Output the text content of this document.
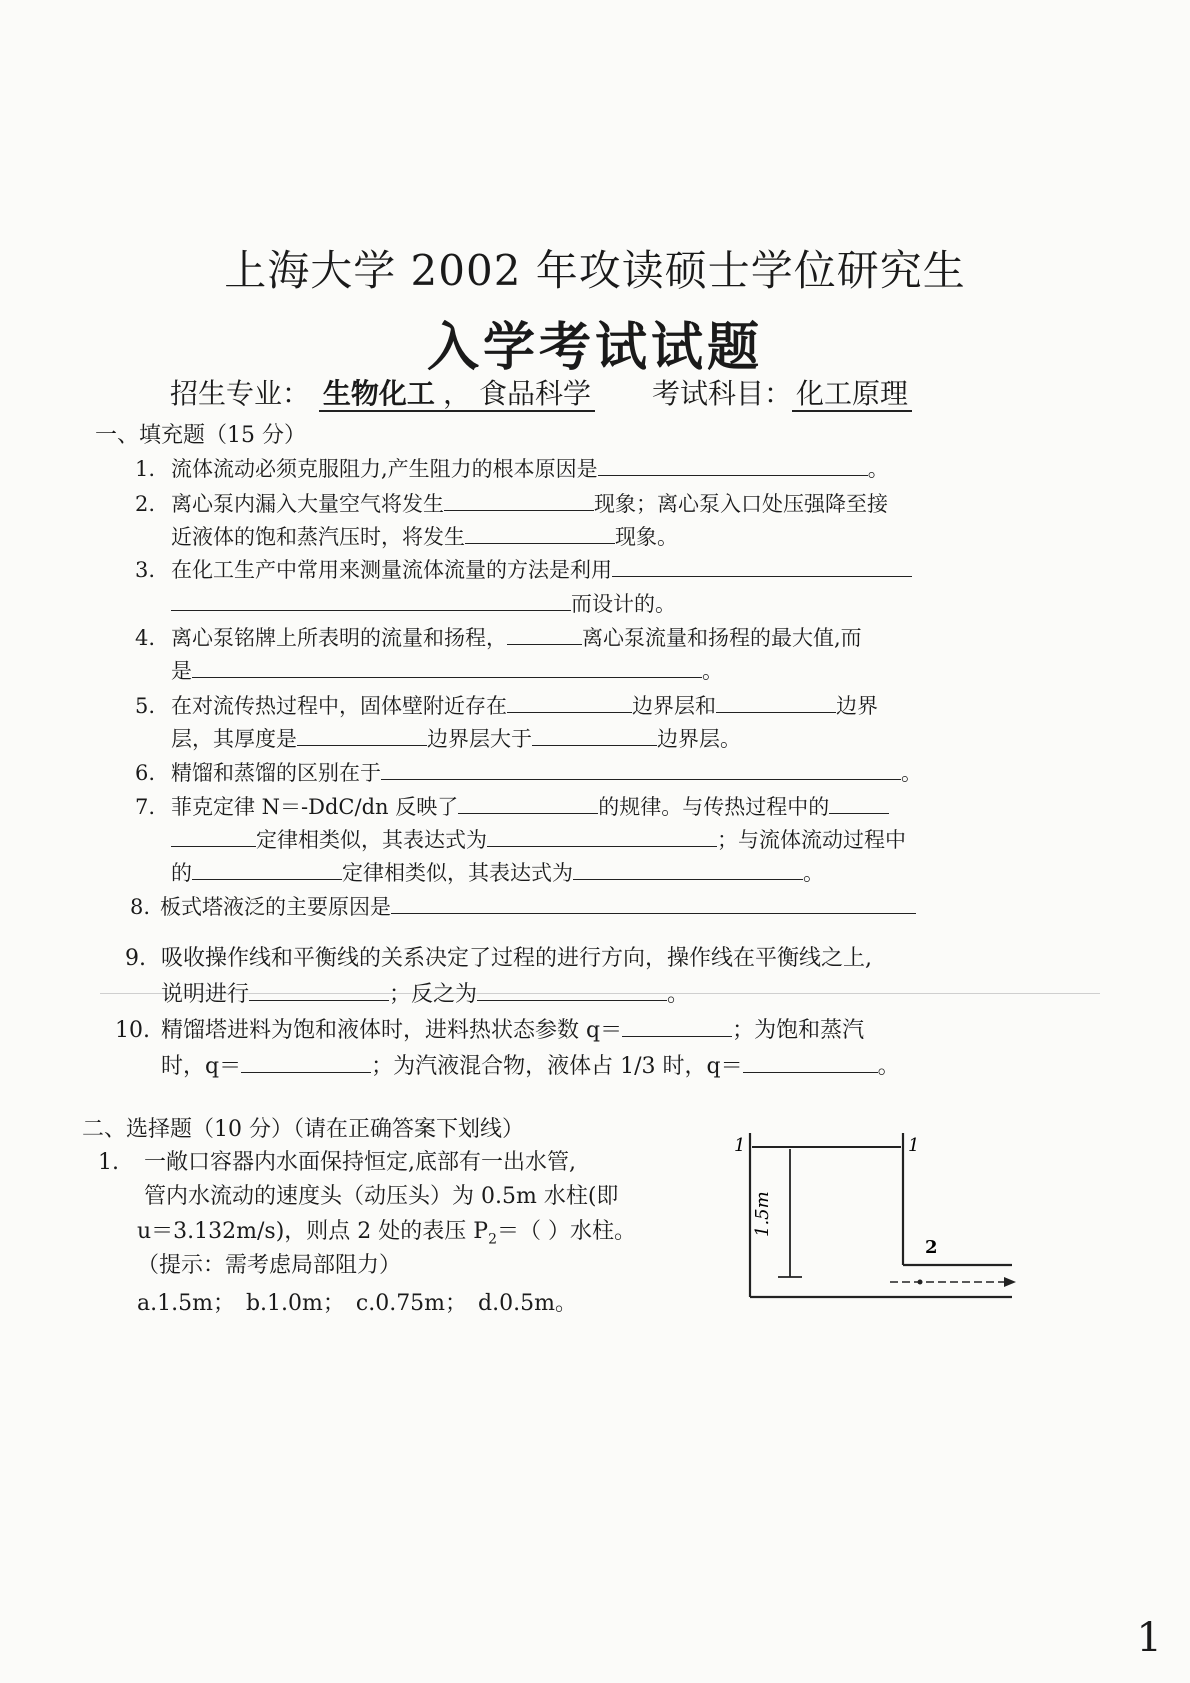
上海大学 2002 年攻读硕士学位研究生
入学考试试题
招生专业： 生物化工 ， 食品科学 考试科目： 化工原理
一、填充题（15 分）
1. 流体流动必须克服阻力,产生阻力的根本原因是	。
2. 离心泵内漏入大量空气将发生	现象；离心泵入口处压强降至接
近液体的饱和蒸汽压时，将发生	现象。
3. 在化工生产中常用来测量流体流量的方法是利用
而设计的。
4. 离心泵铭牌上所表明的流量和扬程，	离心泵流量和扬程的最大值,而
是	。
5. 在对流传热过程中，固体壁附近存在	边界层和	边界
层，其厚度是	边界层大于	边界层。
6. 精馏和蒸馏的区别在于	。
7. 菲克定律 N＝-DdC/dn 反映了	的规律。与传热过程中的
定律相类似，其表达式为	；与流体流动过程中
的	定律相类似，其表达式为	。
8. 板式塔液泛的主要原因是
9. 吸收操作线和平衡线的关系决定了过程的进行方向，操作线在平衡线之上,
说明进行	；反之为	。
10. 精馏塔进料为饱和液体时，进料热状态参数 q＝	；为饱和蒸汽
时，q＝	；为汽液混合物，液体占 1/3 时，q＝	。
二、选择题（10 分）（请在正确答案下划线）
1. 一敞口容器内水面保持恒定,底部有一出水管,
管内水流动的速度头（动压头）为 0.5m 水柱(即
u＝3.132m/s)，则点 2 处的表压 $P_2=$（ ）水柱。
（提示：需考虑局部阻力）
a.1.5m；　b.1.0m；　c.0.75m；　d.0.5m。
1	1
1.5m
2
1
